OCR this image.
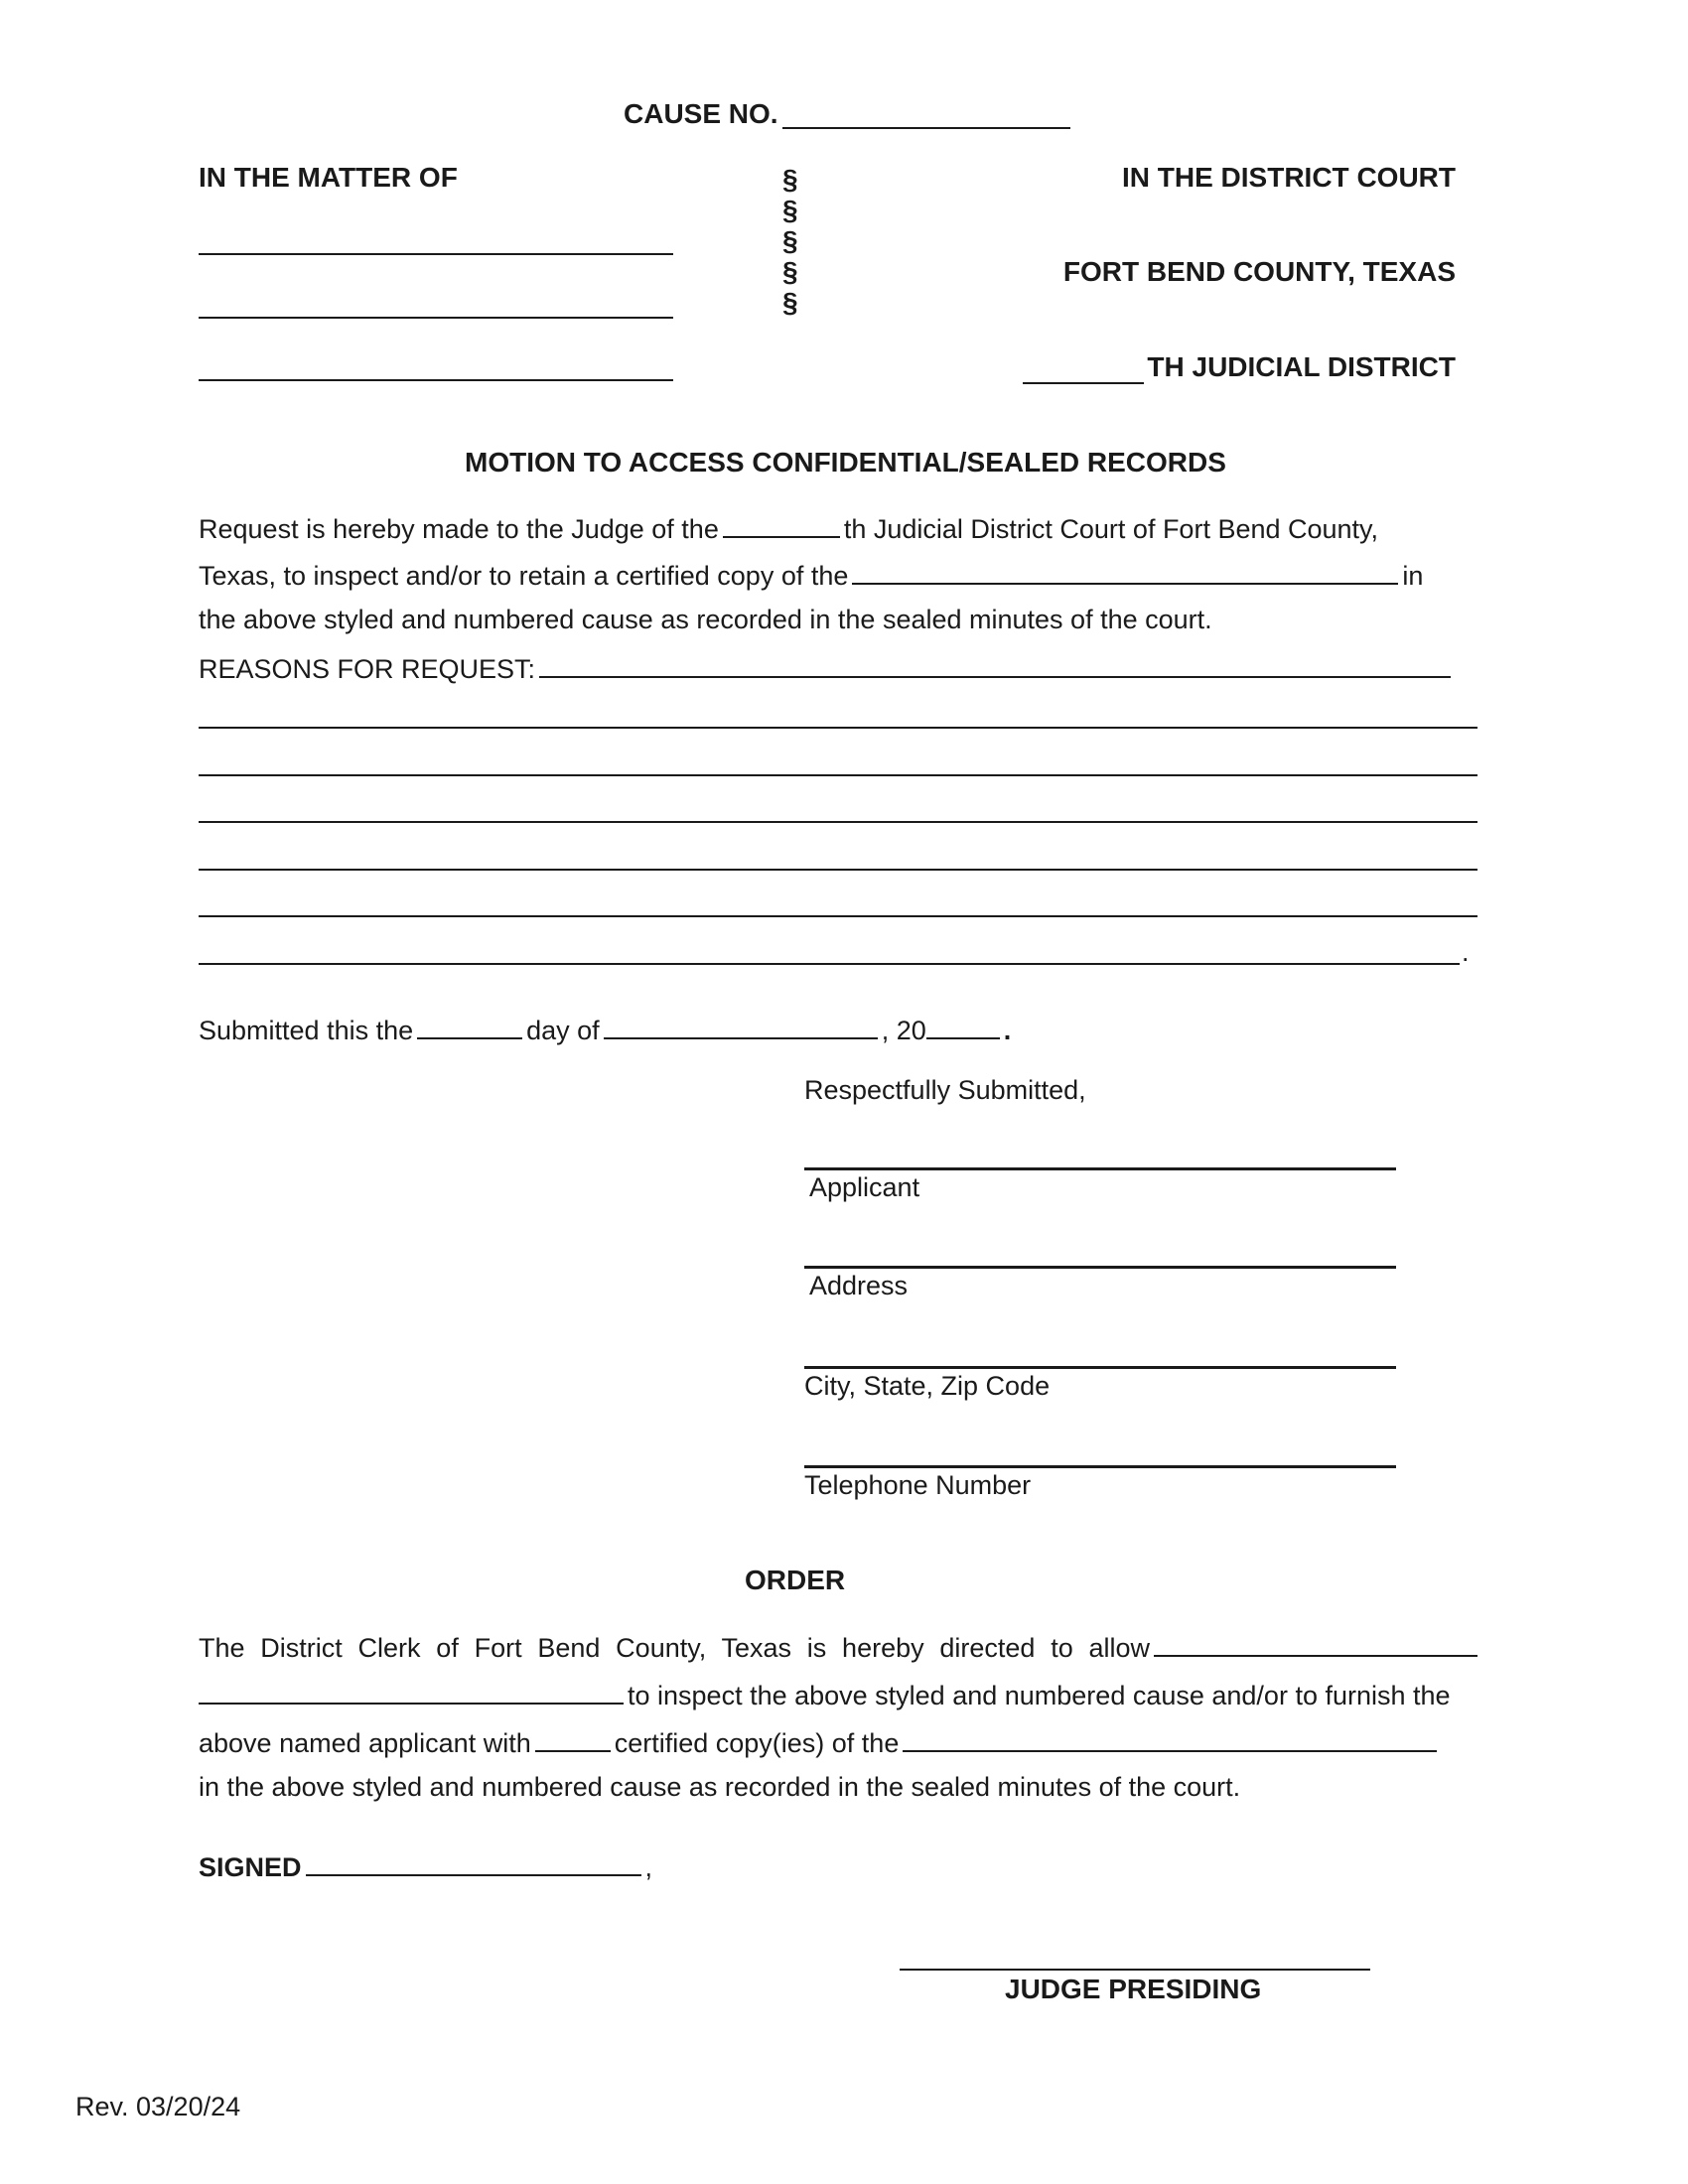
CAUSE NO.
IN THE MATTER OF	§
§
§
§
§
IN THE DISTRICT COURT
FORT BEND COUNTY, TEXAS
TH JUDICIAL DISTRICT
MOTION TO ACCESS CONFIDENTIAL/SEALED RECORDS
Request is hereby made to the Judge of the	th Judicial District Court of Fort Bend County,
Texas, to inspect and/or to retain a certified copy of the	in
the above styled and numbered cause as recorded in the sealed minutes of the court.
REASONS FOR REQUEST:
.
Submitted this the	day of	, 20	.
Respectfully Submitted,
Applicant
Address
City, State, Zip Code
Telephone Number
ORDER
The District Clerk of Fort Bend County, Texas is hereby directed to allow
to inspect the above styled and numbered cause and/or to furnish the
above named applicant with	certified copy(ies) of the
in the above styled and numbered cause as recorded in the sealed minutes of the court.
SIGNED	,
JUDGE PRESIDING
Rev. 03/20/24
